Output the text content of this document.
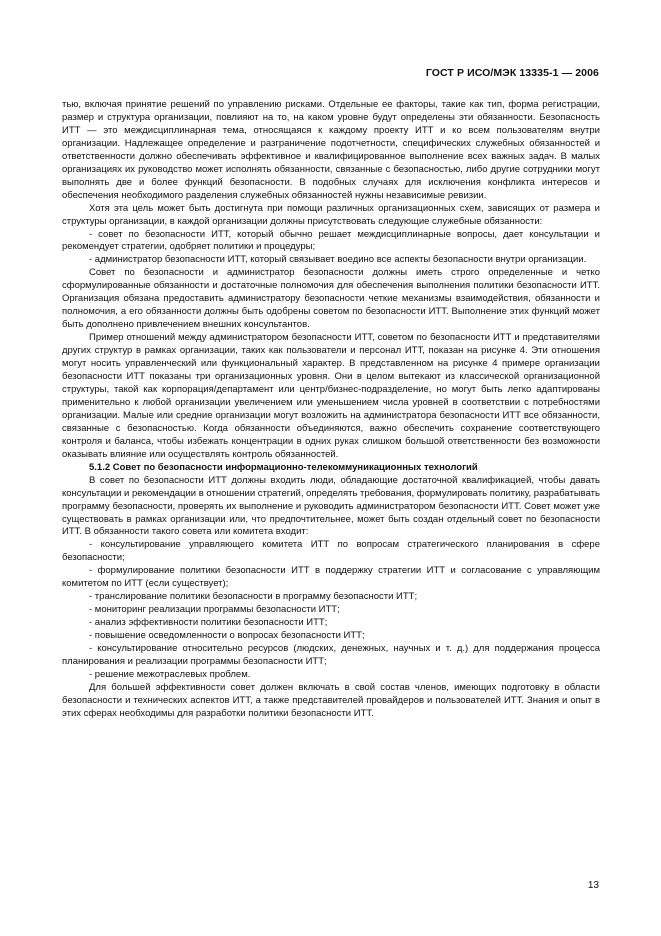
ГОСТ Р ИСО/МЭК 13335-1 — 2006

тью, включая принятие решений по управлению рисками. Отдельные ее факторы, такие как тип, форма регистрации, размер и структура организации, повлияют на то, на каком уровне будут определены эти обязанности. Безопасность ИТТ — это междисциплинарная тема, относящаяся к каждому проекту ИТТ и ко всем пользователям внутри организации. Надлежащее определение и разграничение подотчетности, специфических служебных обязанностей и ответственности должно обеспечивать эффективное и квалифицированное выполнение всех важных задач. В малых организациях их руководство может исполнять обязанности, связанные с безопасностью, либо другие сотрудники могут выполнять две и более функций безопасности. В подобных случаях для исключения конфликта интересов и обеспечения необходимого разделения служебных обязанностей нужны независимые ревизии.

Хотя эта цель может быть достигнута при помощи различных организационных схем, зависящих от размера и структуры организации, в каждой организации должны присутствовать следующие служебные обязанности:

- совет по безопасности ИТТ, который обычно решает междисциплинарные вопросы, дает консультации и рекомендует стратегии, одобряет политики и процедуры;

- администратор безопасности ИТТ, который связывает воедино все аспекты безопасности внутри организации.

Совет по безопасности и администратор безопасности должны иметь строго определенные и четко сформулированные обязанности и достаточные полномочия для обеспечения выполнения политики безопасности ИТТ. Организация обязана предоставить администратору безопасности четкие механизмы взаимодействия, обязанности и полномочия, а его обязанности должны быть одобрены советом по безопасности ИТТ. Выполнение этих функций может быть дополнено привлечением внешних консультантов.

Пример отношений между администратором безопасности ИТТ, советом по безопасности ИТТ и представителями других структур в рамках организации, таких как пользователи и персонал ИТТ, показан на рисунке 4. Эти отношения могут носить управленческий или функциональный характер. В представленном на рисунке 4 примере организации безопасности ИТТ показаны три организационных уровня. Они в целом вытекают из классической организационной структуры, такой как корпорация/департамент или центр/бизнес-подразделение, но могут быть легко адаптированы применительно к любой организации увеличением или уменьшением числа уровней в соответствии с потребностями организации. Малые или средние организации могут возложить на администратора безопасности ИТТ все обязанности, связанные с безопасностью. Когда обязанности объединяются, важно обеспечить сохранение соответствующего контроля и баланса, чтобы избежать концентрации в одних руках слишком большой ответственности без возможности оказывать влияние или осуществлять контроль обязанностей.

5.1.2 Совет по безопасности информационно-телекоммуникационных технологий

В совет по безопасности ИТТ должны входить люди, обладающие достаточной квалификацией, чтобы давать консультации и рекомендации в отношении стратегий, определять требования, формулировать политику, разрабатывать программу безопасности, проверять их выполнение и руководить администратором безопасности ИТТ. Совет может уже существовать в рамках организации или, что предпочтительнее, может быть создан отдельный совет по безопасности ИТТ. В обязанности такого совета или комитета входит:

- консультирование управляющего комитета ИТТ по вопросам стратегического планирования в сфере безопасности;

- формулирование политики безопасности ИТТ в поддержку стратегии ИТТ и согласование с управляющим комитетом по ИТТ (если существует);

- транслирование политики безопасности в программу безопасности ИТТ;

- мониторинг реализации программы безопасности ИТТ;

- анализ эффективности политики безопасности ИТТ;

- повышение осведомленности о вопросах безопасности ИТТ;

- консультирование относительно ресурсов (людских, денежных, научных и т. д.) для поддержания процесса планирования и реализации программы безопасности ИТТ;

- решение межотраслевых проблем.

Для большей эффективности совет должен включать в свой состав членов, имеющих подготовку в области безопасности и технических аспектов ИТТ, а также представителей провайдеров и пользователей ИТТ. Знания и опыт в этих сферах необходимы для разработки политики безопасности ИТТ.

13
